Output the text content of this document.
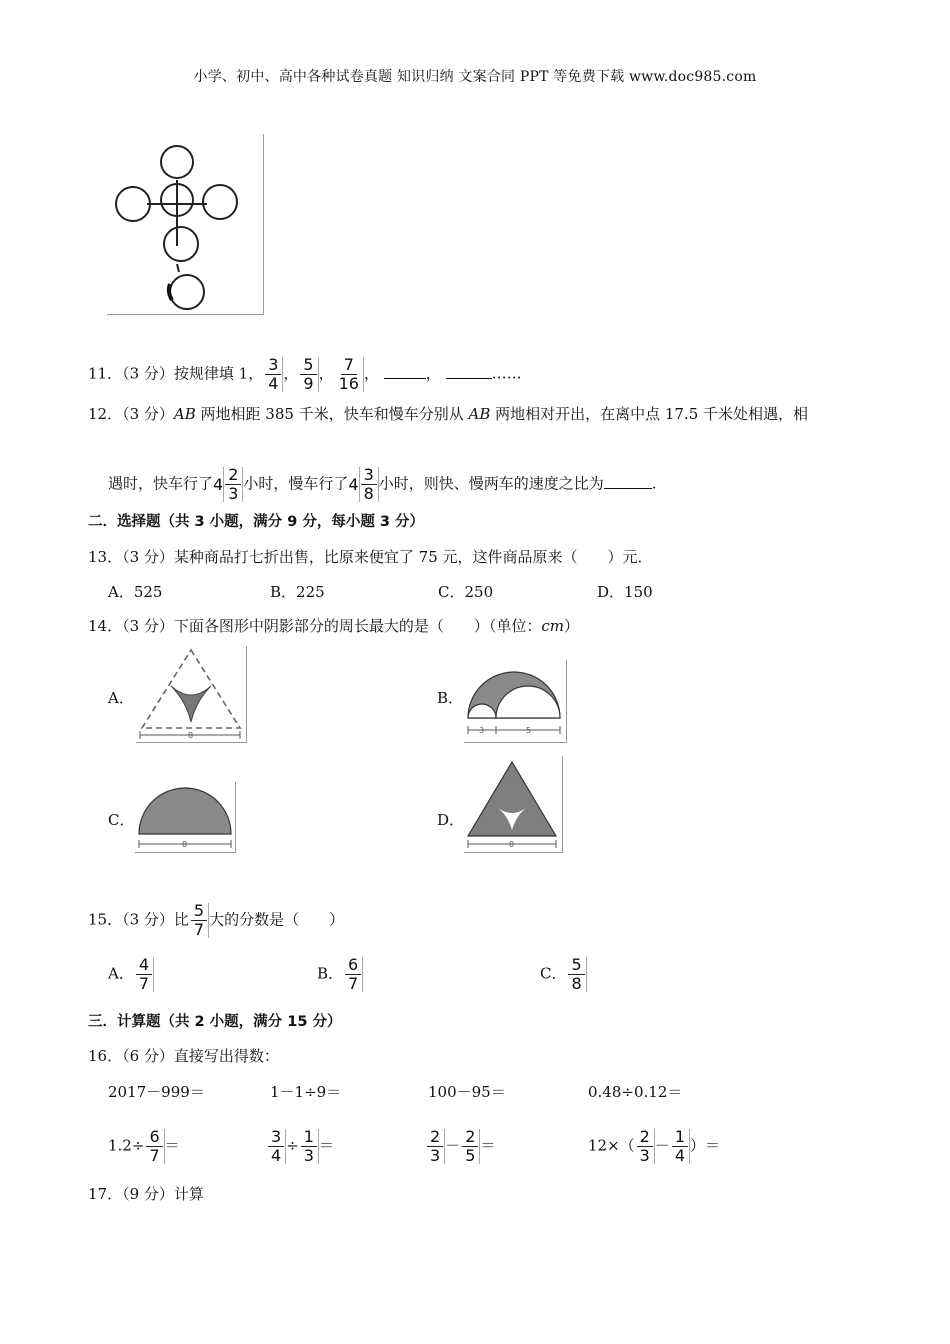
小学、初中、高中各种试卷真题 知识归纳 文案合同 PPT 等免费下载 www.doc985.com
11．（3 分）按规律填 1， $\frac{3}{4}$ ， $\frac{5}{9}$ ， $\frac{7}{16}$ ，	，	……
12．（3 分）AB 两地相距 385 千米，快车和慢车分别从 AB 两地相对开出，在离中点 17.5 千米处相遇，相
遇时，快车行了 $4 \frac{2}{3}$ 小时，慢车行了 $4 \frac{3}{8}$ 小时，则快、慢两车的速度之比为	.
二．选择题（共 3 小题，满分 9 分，每小题 3 分）
13．（3 分）某种商品打七折出售，比原来便宜了 75 元，这件商品原来（　　）元．
A．525	B．225	C．250	D．150
14．（3 分）下面各图形中阴影部分的周长最大的是（　　）（单位：cm）
A．
8
B．
3	5
C．
8
D．
8
15．（3 分）比 $\frac{5}{7}$ 大的分数是（　　）
A． $\frac{4}{7}$	B． $\frac{6}{7}$	C． $\frac{5}{8}$
三．计算题（共 2 小题，满分 15 分）
16．（6 分）直接写出得数：
2017－999＝	1－1÷9＝	100－95＝	0.48÷0.12＝
$1.2\div \frac{6}{7}$ ＝	$\frac{3}{4} \div \frac{1}{3}$ ＝	$\frac{2}{3} - \frac{2}{5}$ ＝	$12\times( \frac{2}{3} - \frac{1}{4}$ ）＝
17．（9 分）计算
